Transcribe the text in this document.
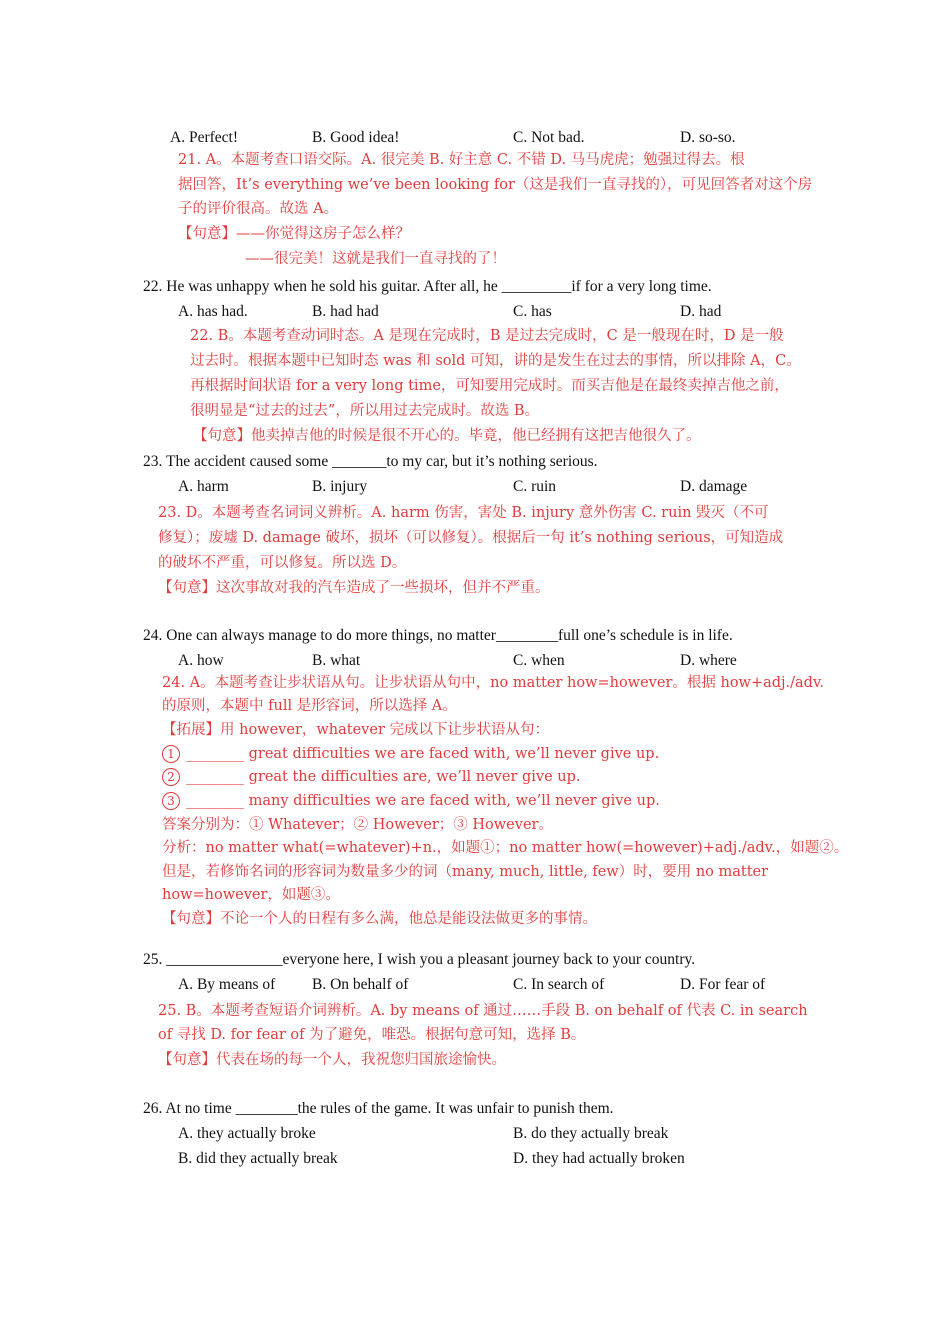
A. Perfect!	B. Good idea!	C. Not bad.	D. so-so.
21. A。本题考查口语交际。A. 很完美 B. 好主意 C. 不错 D. 马马虎虎；勉强过得去。根
据回答，It’s everything we’ve been looking for（这是我们一直寻找的），可见回答者对这个房
子的评价很高。故选 A。
【句意】——你觉得这房子怎么样？
——很完美！这就是我们一直寻找的了！
22. He was unhappy when he sold his guitar. After all, he _________if for a very long time.
A. has had.	B. had had	C. has	D. had
22. B。本题考查动词时态。A 是现在完成时，B 是过去完成时，C 是一般现在时，D 是一般
过去时。根据本题中已知时态 was 和 sold 可知，讲的是发生在过去的事情，所以排除 A，C。
再根据时间状语 for a very long time，可知要用完成时。而买吉他是在最终卖掉吉他之前，
很明显是“过去的过去”，所以用过去完成时。故选 B。
【句意】他卖掉吉他的时候是很不开心的。毕竟，他已经拥有这把吉他很久了。
23. The accident caused some _______to my car, but it’s nothing serious.
A. harm	B. injury	C. ruin	D. damage
23. D。本题考查名词词义辨析。A. harm 伤害，害处 B. injury 意外伤害 C. ruin 毁灭（不可
修复）；废墟 D. damage 破坏，损坏（可以修复）。根据后一句 it’s nothing serious，可知造成
的破坏不严重，可以修复。所以选 D。
【句意】这次事故对我的汽车造成了一些损坏，但并不严重。
24. One can always manage to do more things, no matter________full one’s schedule is in life.
A. how	B. what	C. when	D. where
24. A。本题考查让步状语从句。让步状语从句中，no matter how=however。根据 how+adj./adv.
的原则，本题中 full 是形容词，所以选择 A。
【拓展】用 however，whatever 完成以下让步状语从句：
1 ________ great difficulties we are faced with, we’ll never give up.
2 ________ great the difficulties are, we’ll never give up.
3 ________ many difficulties we are faced with, we’ll never give up.
答案分别为：① Whatever；② However；③ However。
分析：no matter what(=whatever)+n.，如题①；no matter how(=however)+adj./adv.，如题②。
但是，若修饰名词的形容词为数量多少的词（many, much, little, few）时，要用 no matter
how=however，如题③。
【句意】不论一个人的日程有多么满，他总是能设法做更多的事情。
25. _______________everyone here, I wish you a pleasant journey back to your country.
A. By means of B. On behalf of	C. In search of	D. For fear of
25. B。本题考查短语介词辨析。A. by means of 通过……手段 B. on behalf of 代表 C. in search
of 寻找 D. for fear of 为了避免，唯恐。根据句意可知，选择 B。
【句意】代表在场的每一个人，我祝您归国旅途愉快。
26. At no time ________the rules of the game. It was unfair to punish them.
A. they actually broke	B. do they actually break
B. did they actually break	D. they had actually broken
